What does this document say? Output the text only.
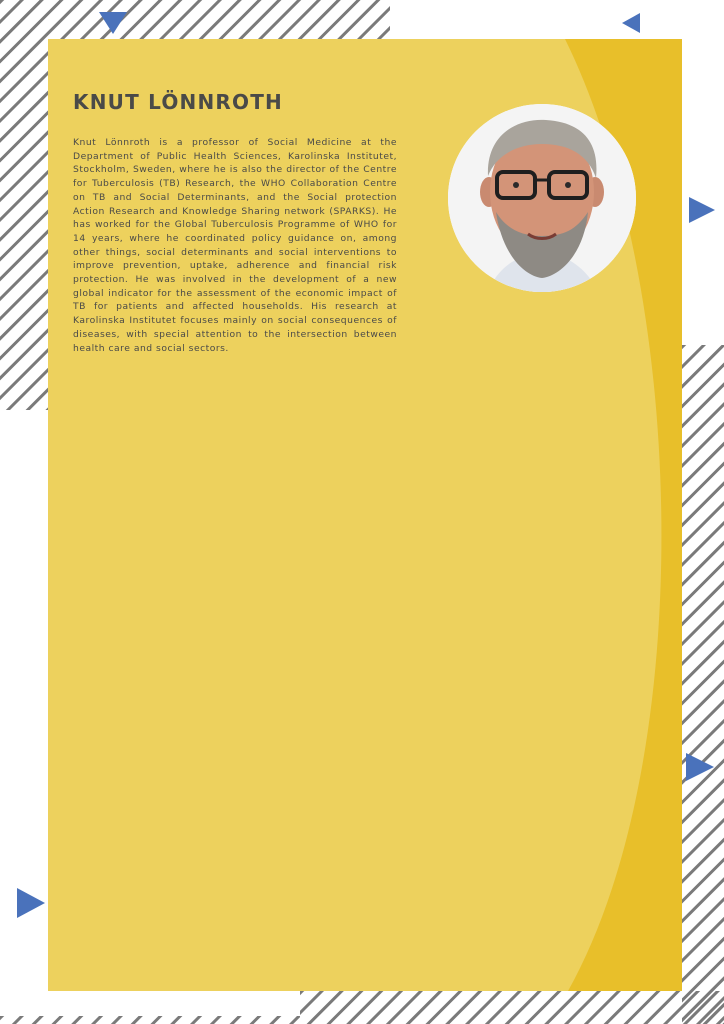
KNUT LÖNNROTH

Knut Lönnroth is a professor of Social Medicine at the Department of Public Health Sciences, Karolinska Institutet, Stockholm, Sweden, where he is also the director of the Centre for Tuberculosis (TB) Research, the WHO Collaboration Centre on TB and Social Determinants, and the Social protection Action Research and Knowledge Sharing network (SPARKS). He has worked for the Global Tuberculosis Programme of WHO for 14 years, where he coordinated policy guidance on, among other things, social determinants and social interventions to improve prevention, uptake, adherence and financial risk protection. He was involved in the development of a new global indicator for the assessment of the economic impact of TB for patients and affected households. His research at Karolinska Institutet focuses mainly on social consequences of diseases, with special attention to the intersection between health care and social sectors.
